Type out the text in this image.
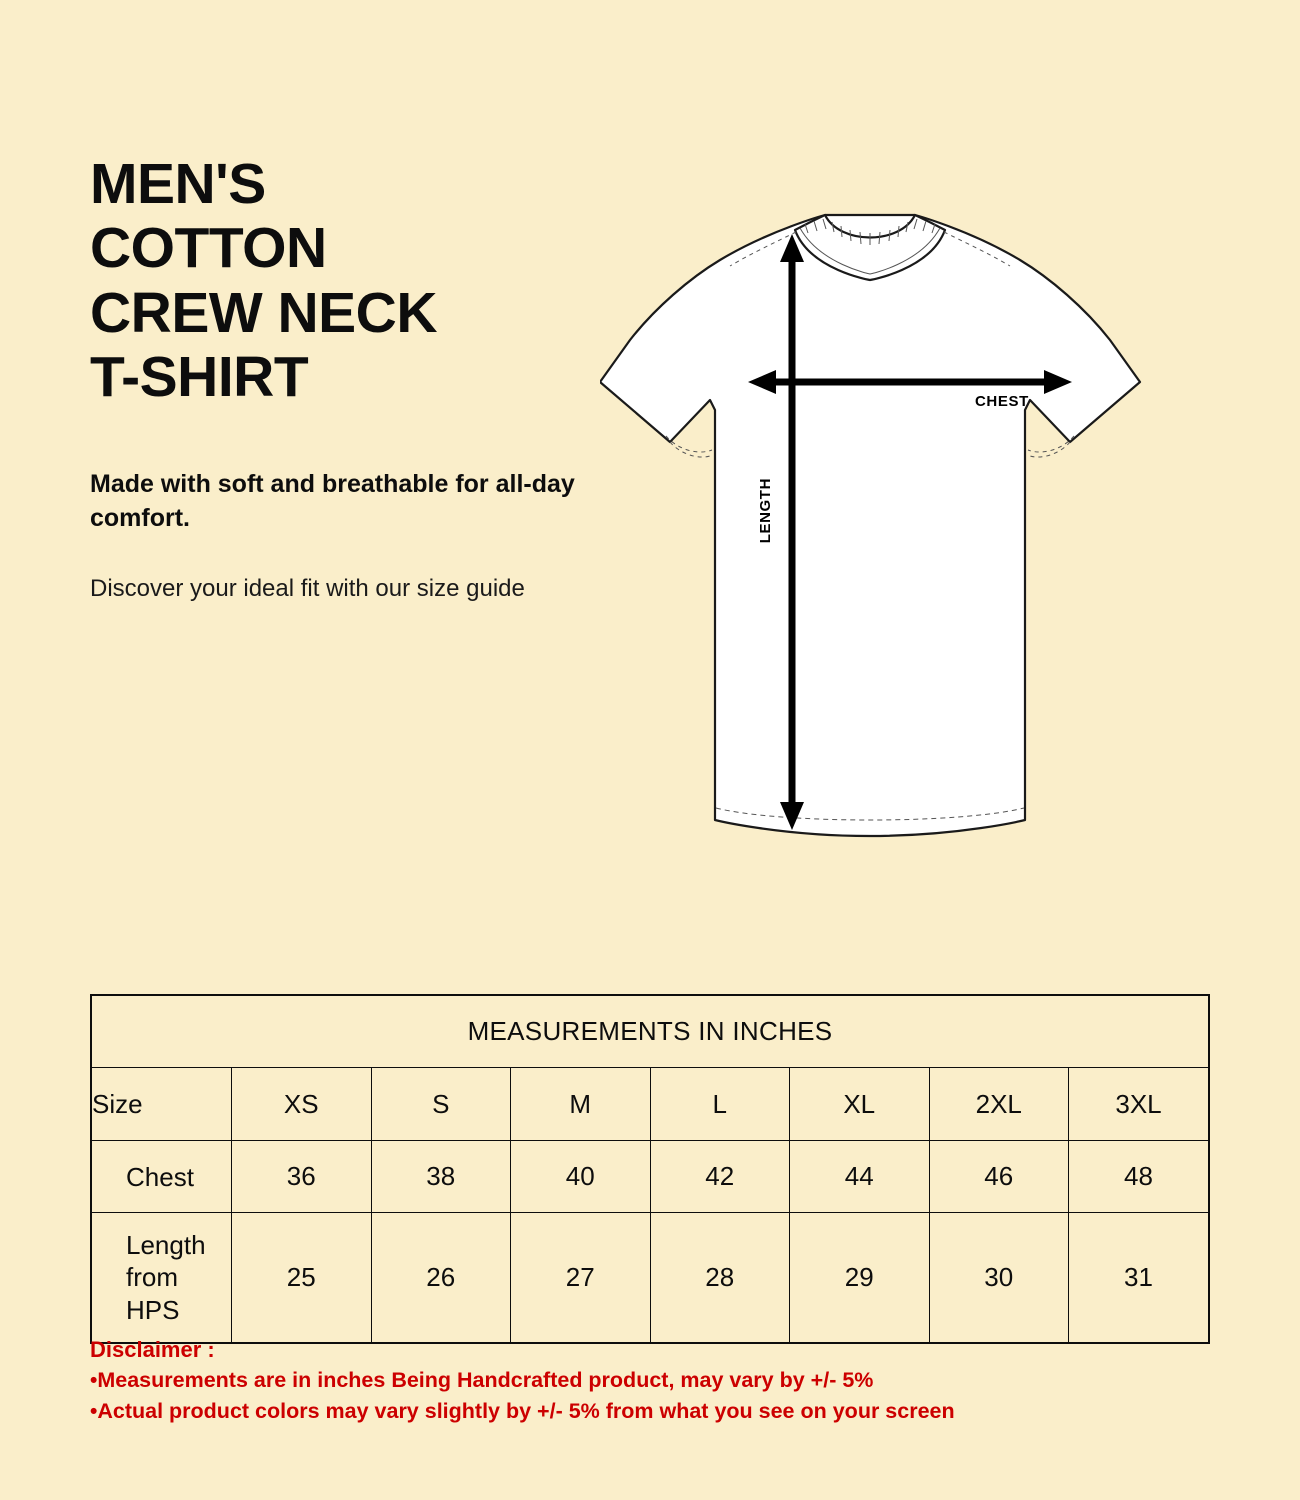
MEN'S
COTTON
CREW NECK
T-SHIRT
Made with soft and breathable for all-day comfort.
Discover your ideal fit with our size guide
CHEST
LENGTH
MEASUREMENTS IN INCHES							
Size	XS	S	M	L	XL	2XL	3XL
Chest	36	38	40	42	44	46	48
Length from HPS	25	26	27	28	29	30	31
Disclaimer :
•Measurements are in inches Being Handcrafted product, may vary by +/- 5%
•Actual product colors may vary slightly by +/- 5% from what you see on your screen
